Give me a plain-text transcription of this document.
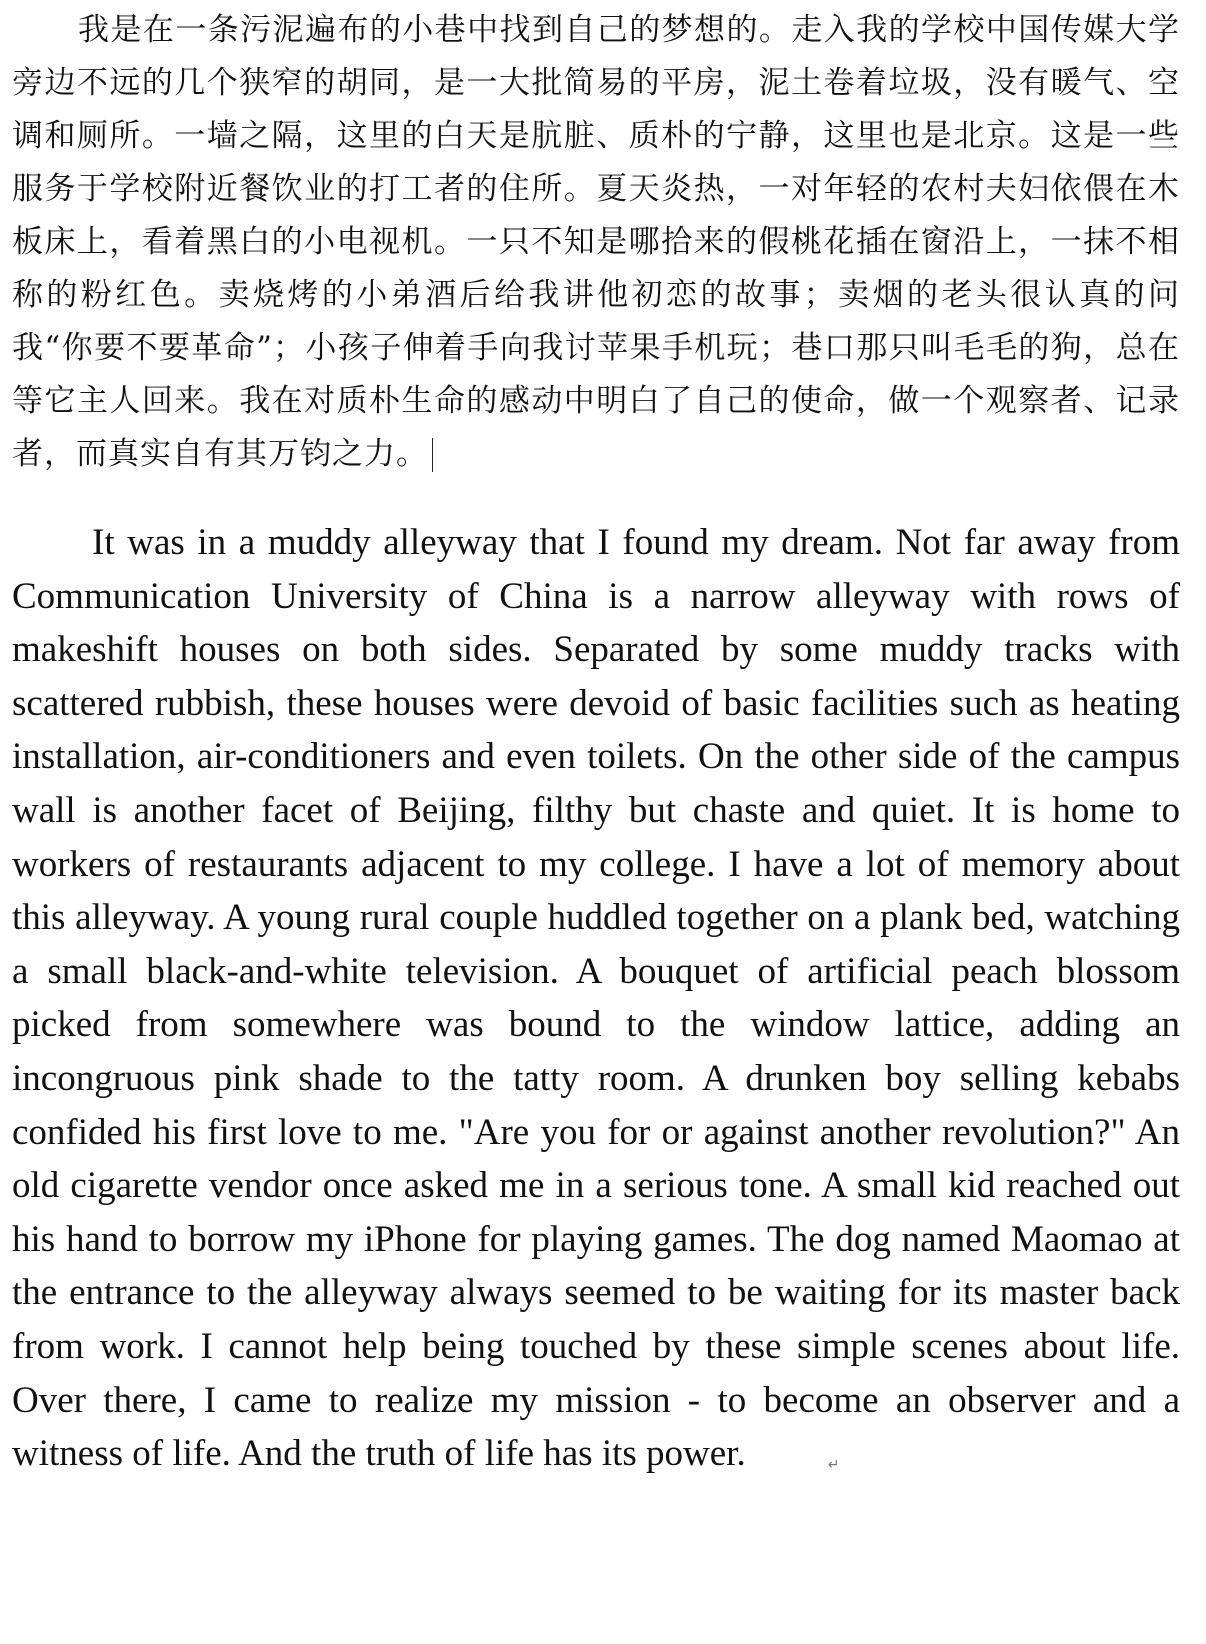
我是在一条污泥遍布的小巷中找到自己的梦想的。走入我的学校中国传媒大学旁边不远的几个狭窄的胡同，是一大批简易的平房，泥土卷着垃圾，没有暖气、空调和厕所。一墙之隔，这里的白天是肮脏、质朴的宁静，这里也是北京。这是一些服务于学校附近餐饮业的打工者的住所。夏天炎热，一对年轻的农村夫妇依偎在木板床上，看着黑白的小电视机。一只不知是哪拾来的假桃花插在窗沿上，一抹不相称的粉红色。卖烧烤的小弟酒后给我讲他初恋的故事；卖烟的老头很认真的问我“你要不要革命”；小孩子伸着手向我讨苹果手机玩；巷口那只叫毛毛的狗，总在等它主人回来。我在对质朴生命的感动中明白了自己的使命，做一个观察者、记录者，而真实自有其万钧之力。

It was in a muddy alleyway that I found my dream. Not far away from Communication University of China is a narrow alleyway with rows of makeshift houses on both sides. Separated by some muddy tracks with scattered rubbish, these houses were devoid of basic facilities such as heating installation, air-conditioners and even toilets. On the other side of the campus wall is another facet of Beijing, filthy but chaste and quiet. It is home to workers of restaurants adjacent to my college. I have a lot of memory about this alleyway. A young rural couple huddled together on a plank bed, watching a small black-and-white television. A bouquet of artificial peach blossom picked from somewhere was bound to the window lattice, adding an incongruous pink shade to the tatty room. A drunken boy selling kebabs confided his first love to me. "Are you for or against another revolution?" An old cigarette vendor once asked me in a serious tone. A small kid reached out his hand to borrow my iPhone for playing games. The dog named Maomao at the entrance to the alleyway always seemed to be waiting for its master back from work. I cannot help being touched by these simple scenes about life. Over there, I came to realize my mission - to become an observer and a witness of life. And the truth of life has its power.	↵
